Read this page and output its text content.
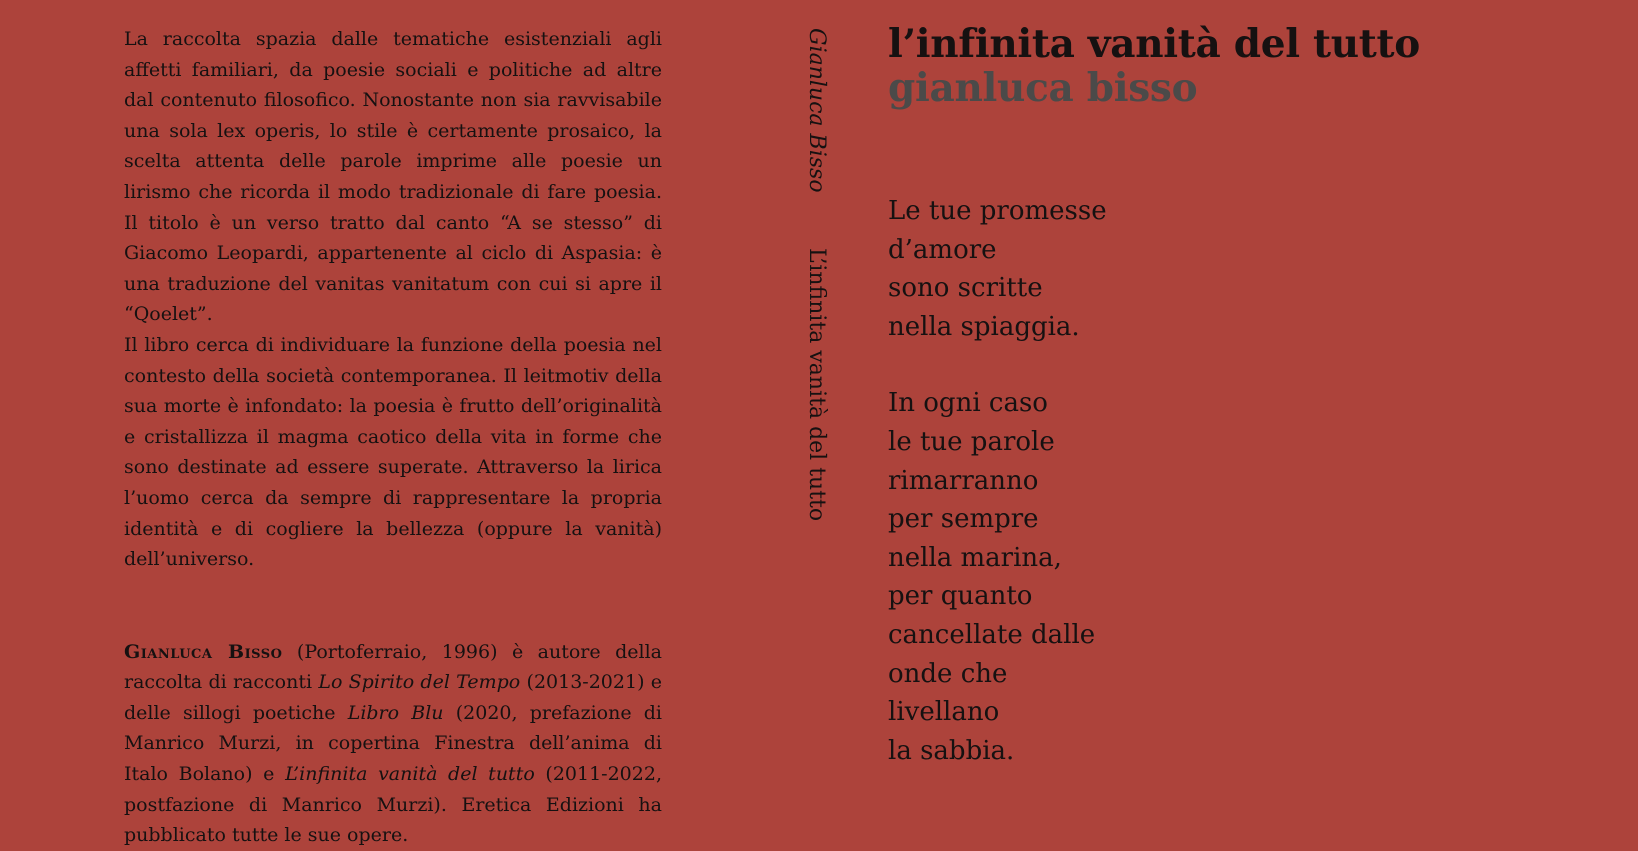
La raccolta spazia dalle tematiche esistenziali agli affetti familiari, da poesie sociali e politiche ad altre dal contenuto filosofico. Nonostante non sia ravvisabile una sola lex operis, lo stile è certamente prosaico, la scelta attenta delle parole imprime alle poesie un lirismo che ricorda il modo tradizionale di fare poesia. Il titolo è un verso tratto dal canto “A se stesso” di Giacomo Leopardi, appartenente al ciclo di Aspasia: è una traduzione del vanitas vanitatum con cui si apre il “Qoelet”.

Il libro cerca di individuare la funzione della poesia nel contesto della società contemporanea. Il leitmotiv della sua morte è infondato: la poesia è frutto dell’originalità e cristallizza il magma caotico della vita in forme che sono destinate ad essere superate. Attraverso la lirica l’uomo cerca da sempre di rappresentare la propria identità e di cogliere la bellezza (oppure la vanità) dell’universo.

Gianluca Bisso (Portoferraio, 1996) è autore della raccolta di racconti Lo Spirito del Tempo (2013-2021) e delle sillogi poetiche Libro Blu (2020, prefazione di Manrico Murzi, in copertina Finestra dell’anima di Italo Bolano) e L’infinita vanità del tutto (2011-2022, postfazione di Manrico Murzi). Eretica Edizioni ha pubblicato tutte le sue opere.

Gianluca Bisso L’infinita vanità del tutto
l’infinita vanità del tutto
gianluca bisso
Le tue promesse
d’amore
sono scritte
nella spiaggia.
In ogni caso
le tue parole
rimarranno
per sempre
nella marina,
per quanto
cancellate dalle
onde che
livellano
la sabbia.
